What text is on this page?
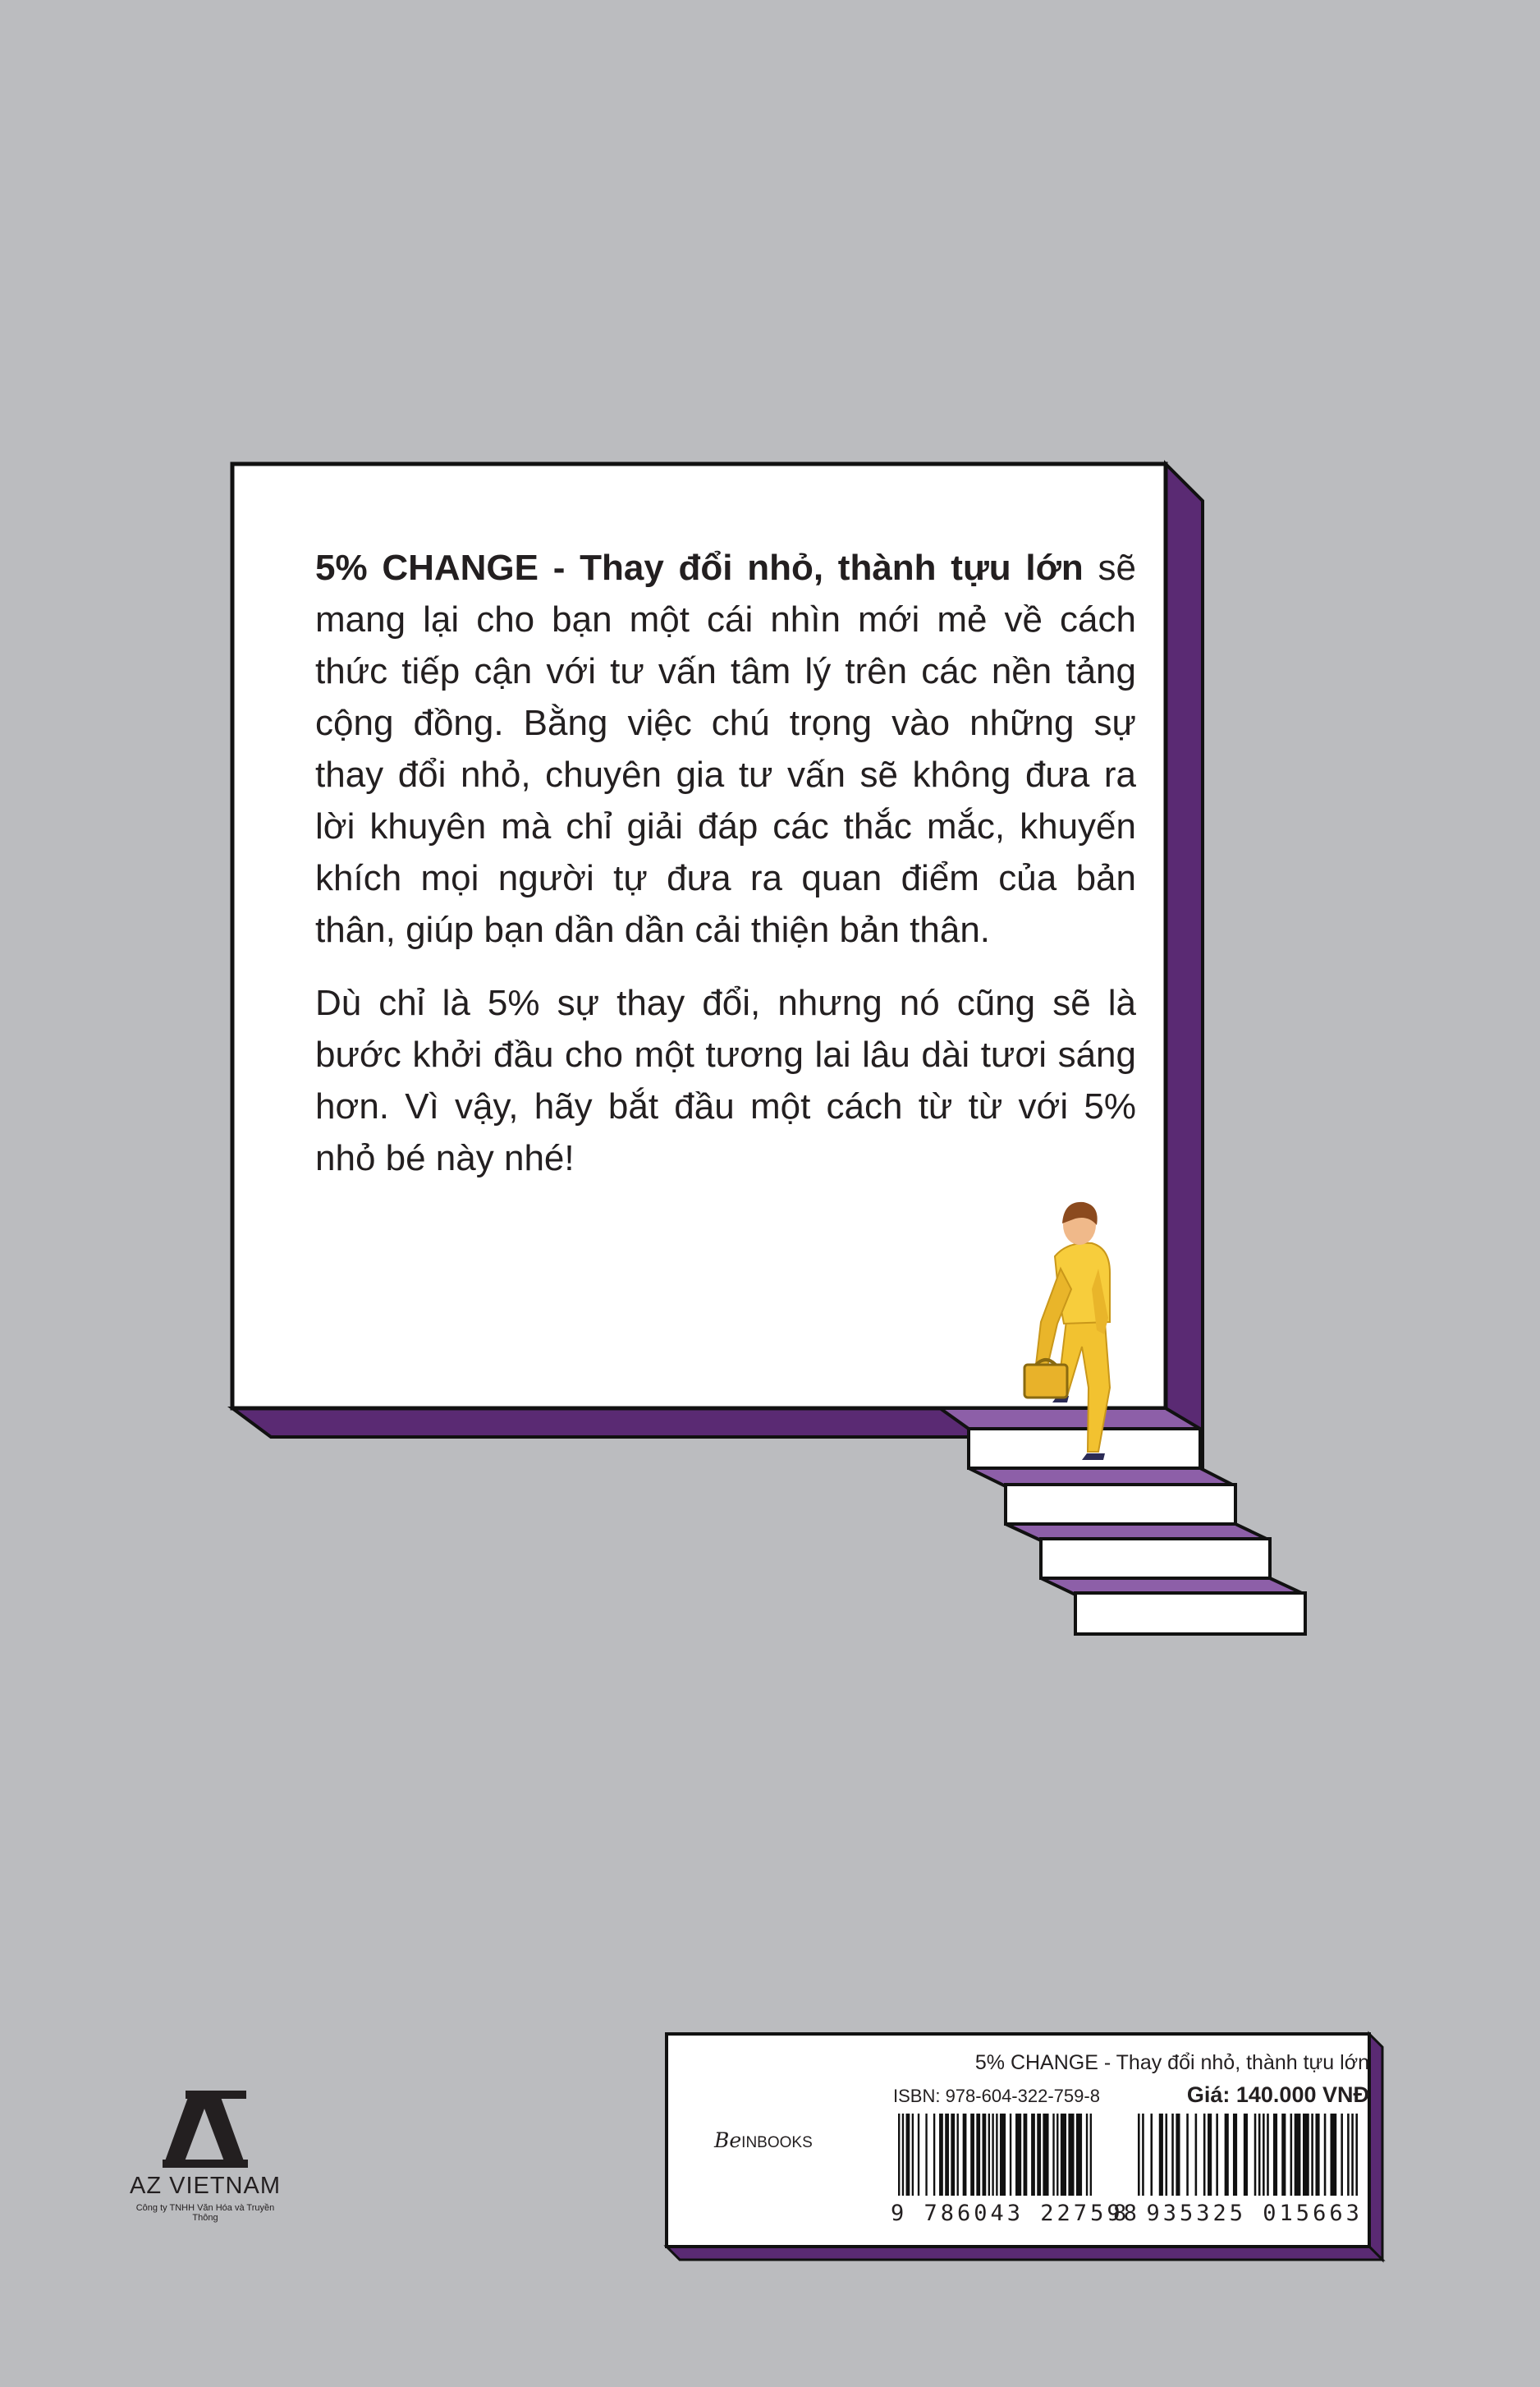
5% CHANGE - Thay đổi nhỏ, thành tựu lớn sẽ mang lại cho bạn một cái nhìn mới mẻ về cách thức tiếp cận với tư vấn tâm lý trên các nền tảng cộng đồng. Bằng việc chú trọng vào những sự thay đổi nhỏ, chuyên gia tư vấn sẽ không đưa ra lời khuyên mà chỉ giải đáp các thắc mắc, khuyến khích mọi người tự đưa ra quan điểm của bản thân, giúp bạn dần dần cải thiện bản thân.

Dù chỉ là 5% sự thay đổi, nhưng nó cũng sẽ là bước khởi đầu cho một tương lai lâu dài tươi sáng hơn. Vì vậy, hãy bắt đầu một cách từ từ với 5% nhỏ bé này nhé!

AZ VIETNAM
Công ty TNHH Văn Hóa và Truyền Thông
5% CHANGE - Thay đổi nhỏ, thành tựu lớn
ISBN: 978-604-322-759-8	Giá: 140.000 VNĐ
BeINBOOKS
9 786043 227598
8 935325 015663
